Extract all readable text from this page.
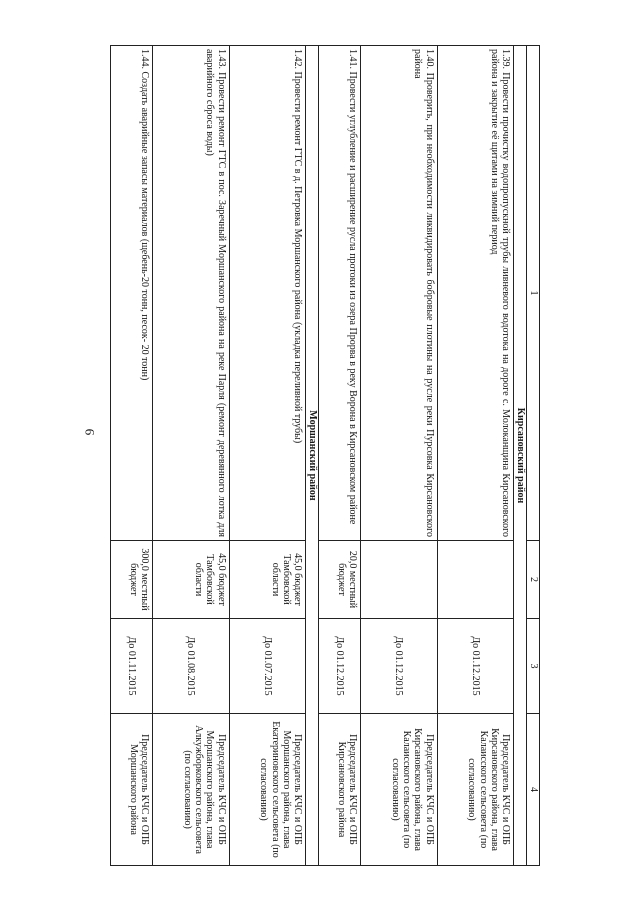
9
1	2	3	4
Кирсановский район			
1.39. Провести прочистку водопропускной трубы ливневого водотока на дороге с. Молоканщина Кирсановского района и закрытие её щитами на зимний период		До 01.12.2015	Председатель КЧС и ОПБ Кирсановского района, глава Калаисского сельсовета (по согласованию)
1.40. Проверить, при необходимости ликвидировать бобровые плотины на русле реки Пурсовка Кирсановского района		До 01.12.2015	Председатель КЧС и ОПБ Кирсановского района, глава Калаисского сельсовета (по согласованию)
1.41. Провести углубление и расширение русла протоки из озера Прорва в реку Ворона в Кирсановском районе	20,0 местный бюджет	До 01.12.2015	Председатель КЧС и ОПБ Кирсановского района
Моршанский район			
1.42. Провести ремонт ГТС в д. Петровка Моршанского района (укладка переливной трубы)	45,0 бюджет Тамбовской области	До 01.07.2015	Председатель КЧС и ОПБ Моршанского района, глава Екатериновского сельсовета (по согласованию)
1.43. Провести ремонт ГТС в пос. Заречный Моршанского района на реке Парля (ремонт деревянного лотка для аварийного сброса воды)	45,0 бюджет Тамбовской области	До 01.08.2015	Председатель КЧС и ОПБ Моршанского района, глава Алкужборковского сельсовета (по согласованию)
1.44. Создать аварийные запасы материалов (щебень-20 тонн, песок- 20 тонн)	300,0 местный бюджет	До 01.11.2015	Председатель КЧС и ОПБ Моршанского района
